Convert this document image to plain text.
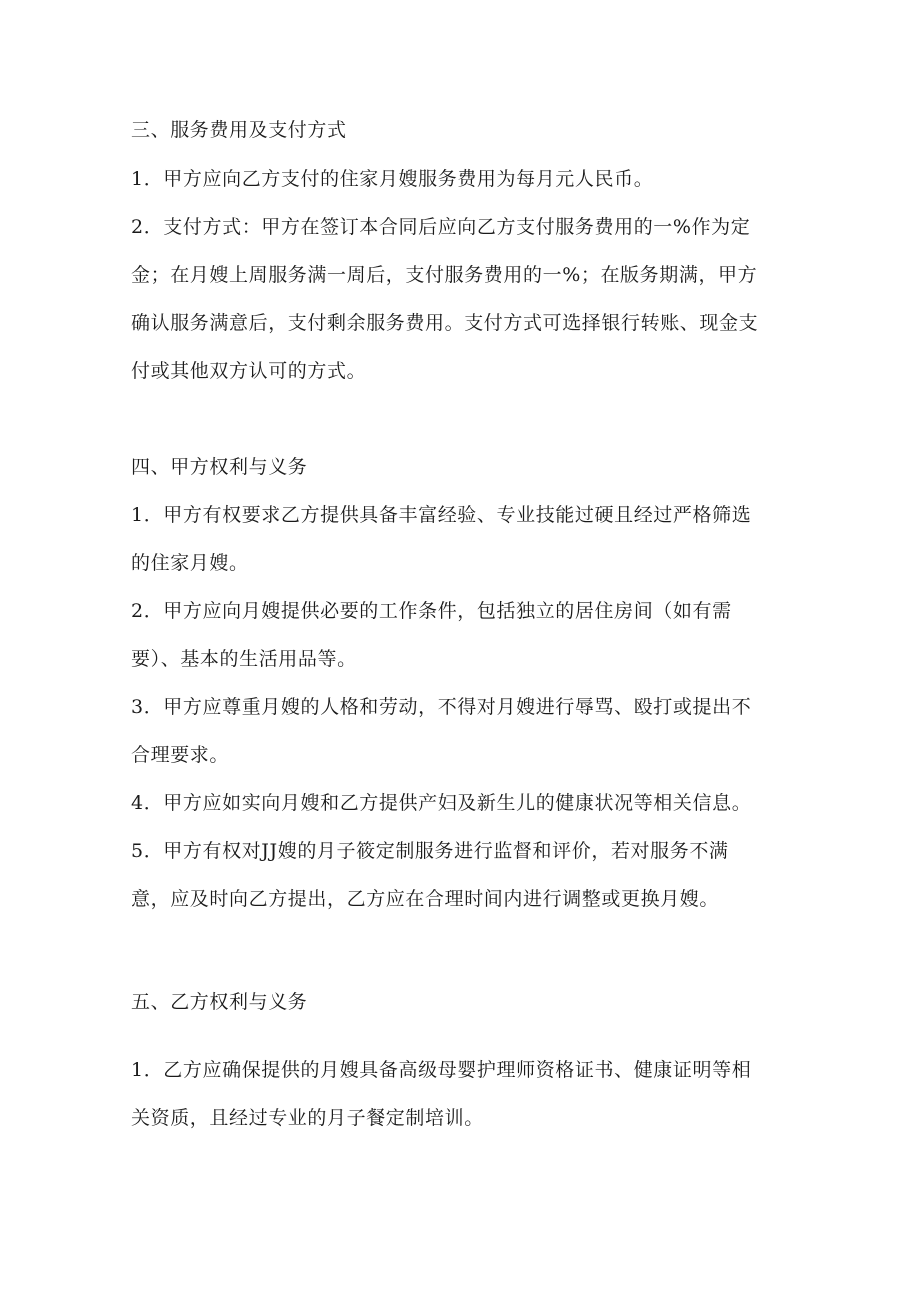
三、服务费用及支付方式
1．甲方应向乙方支付的住家月嫂服务费用为每月元人民币。
2．支付方式：甲方在签订本合同后应向乙方支付服务费用的一%作为定
金；在月嫂上周服务满一周后，支付服务费用的一%；在版务期满，甲方
确认服务满意后，支付剩余服务费用。支付方式可选择银行转账、现金支
付或其他双方认可的方式。
四、甲方权利与义务
1．甲方有权要求乙方提供具备丰富经验、专业技能过硬且经过严格筛选
的住家月嫂。
2．甲方应向月嫂提供必要的工作条件，包括独立的居住房间（如有需
要）、基本的生活用品等。
3．甲方应尊重月嫂的人格和劳动，不得对月嫂进行辱骂、殴打或提出不
合理要求。
4．甲方应如实向月嫂和乙方提供产妇及新生儿的健康状况等相关信息。
5．甲方有权对JJ嫂的月子筱定制服务进行监督和评价，若对服务不满
意，应及时向乙方提出，乙方应在合理时间内进行调整或更换月嫂。
五、乙方权利与义务
1．乙方应确保提供的月嫂具备高级母婴护理师资格证书、健康证明等相
关资质，且经过专业的月子餐定制培训。
